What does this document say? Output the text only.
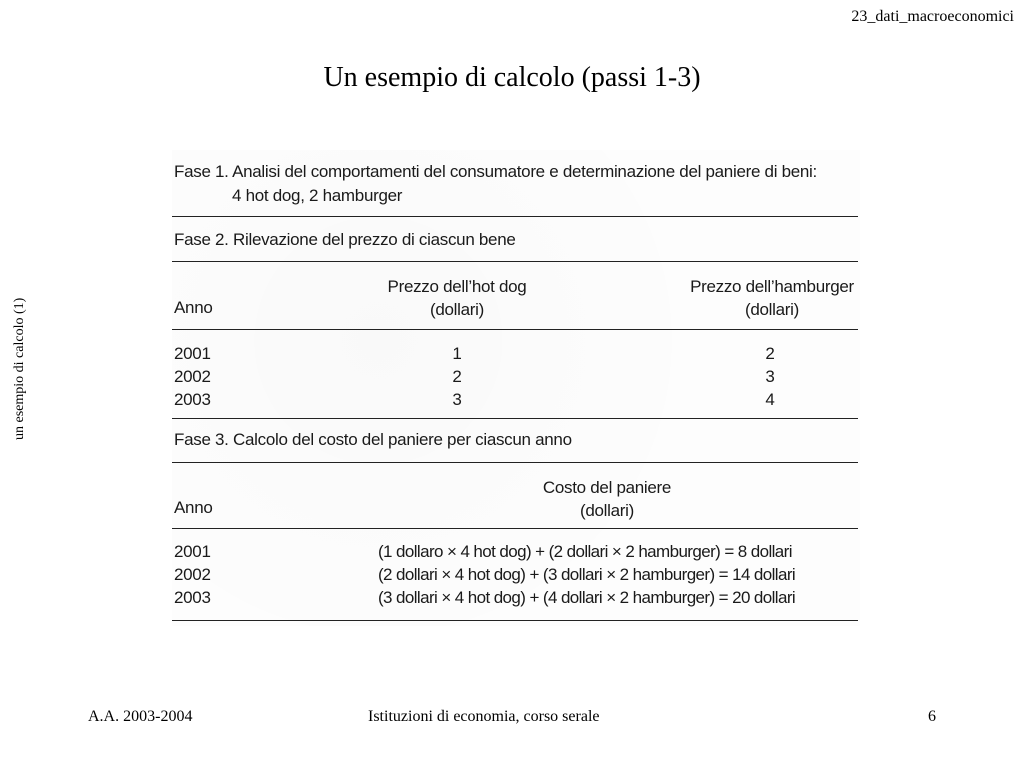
23_dati_macroeconomici
Un esempio di calcolo (passi 1-3)
un esempio di calcolo (1)
Fase 1. Analisi del comportamenti del consumatore e determinazione del paniere di beni:
4 hot dog, 2 hamburger
Fase 2. Rilevazione del prezzo di ciascun bene
Prezzo dell’hot dog
(dollari)
Prezzo dell’hamburger
(dollari)
Anno
2001
2002
2003
1
2
3
2
3
4
Fase 3. Calcolo del costo del paniere per ciascun anno
Costo del paniere
(dollari)
Anno
2001
2002
2003
(1 dollaro × 4 hot dog) + (2 dollari × 2 hamburger) = 8 dollari
(2 dollari × 4 hot dog) + (3 dollari × 2 hamburger) = 14 dollari
(3 dollari × 4 hot dog) + (4 dollari × 2 hamburger) = 20 dollari
A.A. 2003-2004	Istituzioni di economia, corso serale	6
